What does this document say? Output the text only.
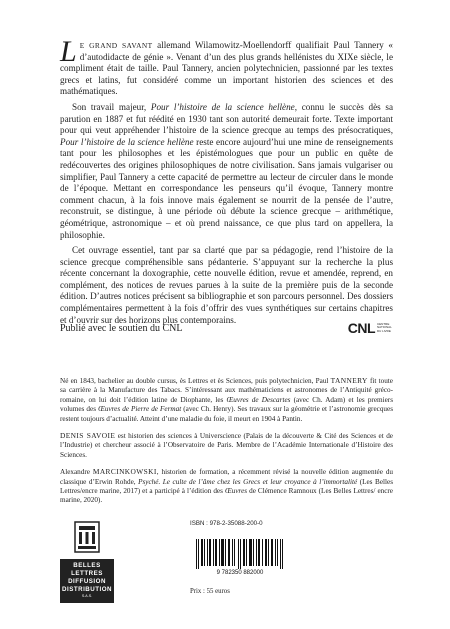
LE GRAND SAVANT allemand Wilamowitz-Moellendorff qualifiait Paul Tannery « d’autodidacte de génie ». Venant d’un des plus grands hellénistes du XIXe siècle, le compliment était de taille. Paul Tannery, ancien polytechnicien, passionné par les textes grecs et latins, fut considéré comme un important historien des sciences et des mathématiques.

Son travail majeur, Pour l’histoire de la science hellène, connu le succès dès sa parution en 1887 et fut réédité en 1930 tant son autorité demeurait forte. Texte important pour qui veut appréhender l’histoire de la science grecque au temps des présocratiques, Pour l’histoire de la science hellène reste encore aujourd’hui une mine de renseignements tant pour les philosophes et les épistémologues que pour un public en quête de redécouvertes des origines philosophiques de notre civilisation. Sans jamais vulgariser ou simplifier, Paul Tannery a cette capacité de permettre au lecteur de circuler dans le monde de l’époque. Mettant en correspondance les penseurs qu’il évoque, Tannery montre comment chacun, à la fois innove mais également se nourrit de la pensée de l’autre, reconstruit, se distingue, à une période où débute la science grecque – arithmétique, géométrique, astronomique – et où prend naissance, ce que plus tard on appellera, la philosophie.

Cet ouvrage essentiel, tant par sa clarté que par sa pédagogie, rend l’histoire de la science grecque compréhensible sans pédanterie. S’appuyant sur la recherche la plus récente concernant la doxographie, cette nouvelle édition, revue et amendée, reprend, en complément, des notices de revues parues à la suite de la première puis de la seconde édition. D’autres notices précisent sa bibliographie et son parcours personnel. Des dossiers complémentaires permettent à la fois d’offrir des vues synthétiques sur certains chapitres et d’ouvrir sur des horizons plus contemporains.

Publié avec le soutien du CNL	CNL CENTRE NATIONAL DU LIVRE

Né en 1843, bachelier au double cursus, ès Lettres et ès Sciences, puis polytechnicien, Paul TANNERY fit toute sa carrière à la Manufacture des Tabacs. S’intéressant aux mathématiciens et astronomes de l’Antiquité gréco-romaine, on lui doit l’édition latine de Diophante, les Œuvres de Descartes (avec Ch. Adam) et les premiers volumes des Œuvres de Pierre de Fermat (avec Ch. Henry). Ses travaux sur la géométrie et l’astronomie grecques restent toujours d’actualité. Atteint d’une maladie du foie, il meurt en 1904 à Pantin.

DENIS SAVOIE est historien des sciences à Universcience (Palais de la découverte & Cité des Sciences et de l’Industrie) et chercheur associé à l’Observatoire de Paris. Membre de l’Académie Internationale d’Histoire des Sciences.

Alexandre MARCINKOWSKI, historien de formation, a récemment révisé la nouvelle édition augmentée du classique d’Erwin Rohde, Psyché. Le culte de l’âme chez les Grecs et leur croyance à l’immortalité (Les Belles Lettres/encre marine, 2017) et a participé à l’édition des Œuvres de Clémence Ramnoux (Les Belles Lettres/ encre marine, 2020).

BELLES LETTRES
DIFFUSION
DISTRIBUTION
S.A.S.
ISBN : 978-2-35088-200-0
9 782350 882000
Prix : 55 euros
